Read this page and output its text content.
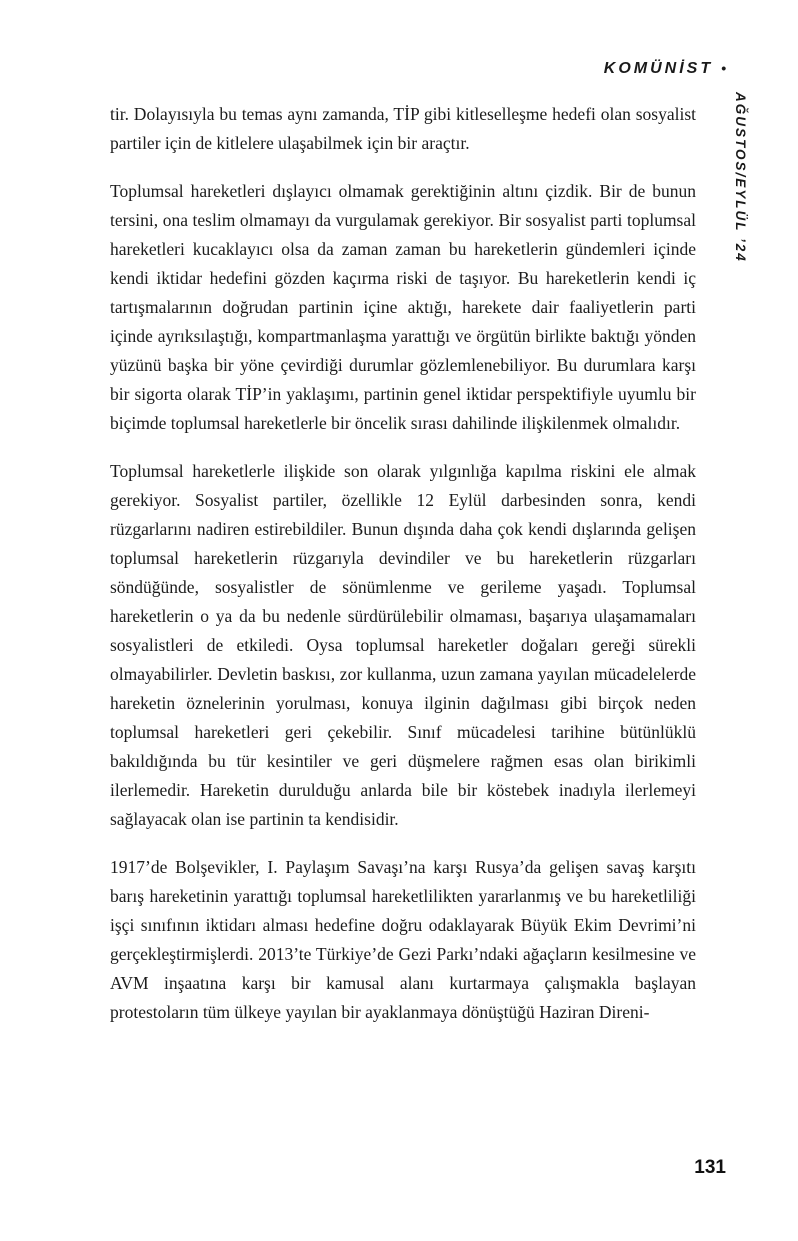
KOMÜNİST •
AĞUSTOS/EYLÜL ’24

tir. Dolayısıyla bu temas aynı zamanda, TİP gibi kitleselleşme hedefi olan sosyalist partiler için de kitlelere ulaşabilmek için bir araçtır.

Toplumsal hareketleri dışlayıcı olmamak gerektiğinin altını çizdik. Bir de bunun tersini, ona teslim olmamayı da vurgulamak gerekiyor. Bir sosyalist parti toplumsal hareketleri kucaklayıcı olsa da zaman zaman bu hareketlerin gündemleri içinde kendi iktidar hedefini gözden kaçırma riski de taşıyor. Bu hareketlerin kendi iç tartışmalarının doğrudan partinin içine aktığı, harekete dair faaliyetlerin parti içinde ayrıksılaştığı, kompartmanlaşma yarattığı ve örgütün birlikte baktığı yönden yüzünü başka bir yöne çevirdiği durumlar gözlemlenebiliyor. Bu durumlara karşı bir sigorta olarak TİP’in yaklaşımı, partinin genel iktidar perspektifiyle uyumlu bir biçimde toplumsal hareketlerle bir öncelik sırası dahilinde ilişkilenmek olmalıdır.

Toplumsal hareketlerle ilişkide son olarak yılgınlığa kapılma riskini ele almak gerekiyor. Sosyalist partiler, özellikle 12 Eylül darbesinden sonra, kendi rüzgarlarını nadiren estirebildiler. Bunun dışında daha çok kendi dışlarında gelişen toplumsal hareketlerin rüzgarıyla devindiler ve bu hareketlerin rüzgarları söndüğünde, sosyalistler de sönümlenme ve gerileme yaşadı. Toplumsal hareketlerin o ya da bu nedenle sürdürülebilir olmaması, başarıya ulaşamamaları sosyalistleri de etkiledi. Oysa toplumsal hareketler doğaları gereği sürekli olmayabilirler. Devletin baskısı, zor kullanma, uzun zamana yayılan mücadelelerde hareketin öznelerinin yorulması, konuya ilginin dağılması gibi birçok neden toplumsal hareketleri geri çekebilir. Sınıf mücadelesi tarihine bütünlüklü bakıldığında bu tür kesintiler ve geri düşmelere rağmen esas olan birikimli ilerlemedir. Hareketin durulduğu anlarda bile bir köstebek inadıyla ilerlemeyi sağlayacak olan ise partinin ta kendisidir.

1917’de Bolşevikler, I. Paylaşım Savaşı’na karşı Rusya’da gelişen savaş karşıtı barış hareketinin yarattığı toplumsal hareketlilikten yararlanmış ve bu hareketliliği işçi sınıfının iktidarı alması hedefine doğru odaklayarak Büyük Ekim Devrimi’ni gerçekleştirmişlerdi. 2013’te Türkiye’de Gezi Parkı’ndaki ağaçların kesilmesine ve AVM inşaatına karşı bir kamusal alanı kurtarmaya çalışmakla başlayan protestoların tüm ülkeye yayılan bir ayaklanmaya dönüştüğü Haziran Direni-

131
